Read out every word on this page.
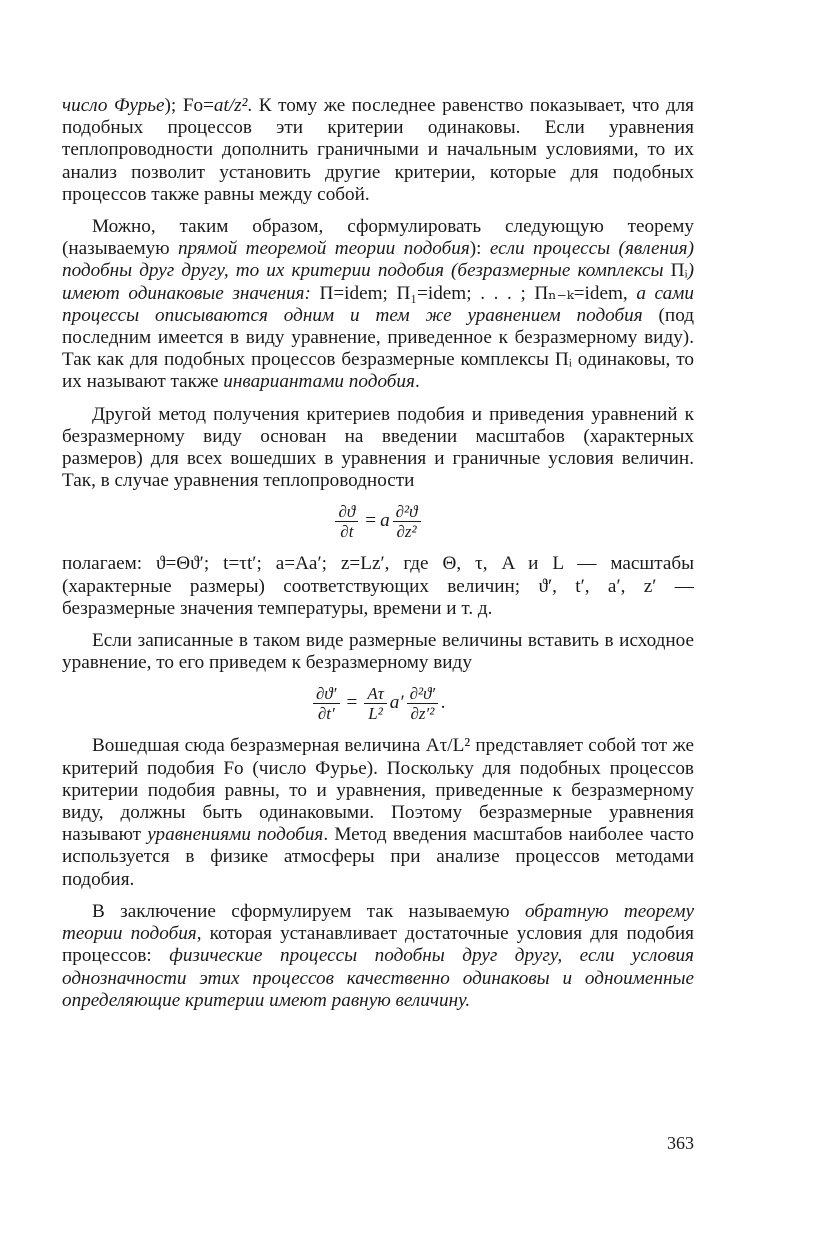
число Фурье); Fo=at/z². К тому же последнее равенство показывает, что для подобных процессов эти критерии одинаковы. Если уравнения теплопроводности дополнить граничными и начальным условиями, то их анализ позволит установить другие критерии, которые для подобных процессов также равны между собой.

Можно, таким образом, сформулировать следующую теорему (называемую прямой теоремой теории подобия): если процессы (явления) подобны друг другу, то их критерии подобия (безразмерные комплексы Πᵢ) имеют одинаковые значения: Π=idem; Π₁=idem; . . . ; Πₙ₋ₖ=idem, а сами процессы описываются одним и тем же уравнением подобия (под последним имеется в виду уравнение, приведенное к безразмерному виду). Так как для подобных процессов безразмерные комплексы Πᵢ одинаковы, то их называют также инвариантами подобия.

Другой метод получения критериев подобия и приведения уравнений к безразмерному виду основан на введении масштабов (характерных размеров) для всех вошедших в уравнения и граничные условия величин. Так, в случае уравнения теплопроводности

$\frac{\partial ϑ}{\partial t} = a \frac{\text{∂²ϑ}}{\text{∂z²}}$

полагаем: ϑ=Θϑ′; t=τt′; a=Aa′; z=Lz′, где Θ, τ, A и L — масштабы (характерные размеры) соответствующих величин; ϑ′, t′, a′, z′ — безразмерные значения температуры, времени и т. д.

Если записанные в таком виде размерные величины вставить в исходное уравнение, то его приведем к безразмерному виду

$\frac{\partial ϑ'}{\partial t'} = \frac{A\tau}{\text{L²}} a' \frac{\text{∂²ϑ′}}{\text{∂z′²}}$ .

Вошедшая сюда безразмерная величина Aτ/L² представляет собой тот же критерий подобия Fo (число Фурье). Поскольку для подобных процессов критерии подобия равны, то и уравнения, приведенные к безразмерному виду, должны быть одинаковыми. Поэтому безразмерные уравнения называют уравнениями подобия. Метод введения масштабов наиболее часто используется в физике атмосферы при анализе процессов методами подобия.

В заключение сформулируем так называемую обратную теорему теории подобия, которая устанавливает достаточные условия для подобия процессов: физические процессы подобны друг другу, если условия однозначности этих процессов качественно одинаковы и одноименные определяющие критерии имеют равную величину.

363
